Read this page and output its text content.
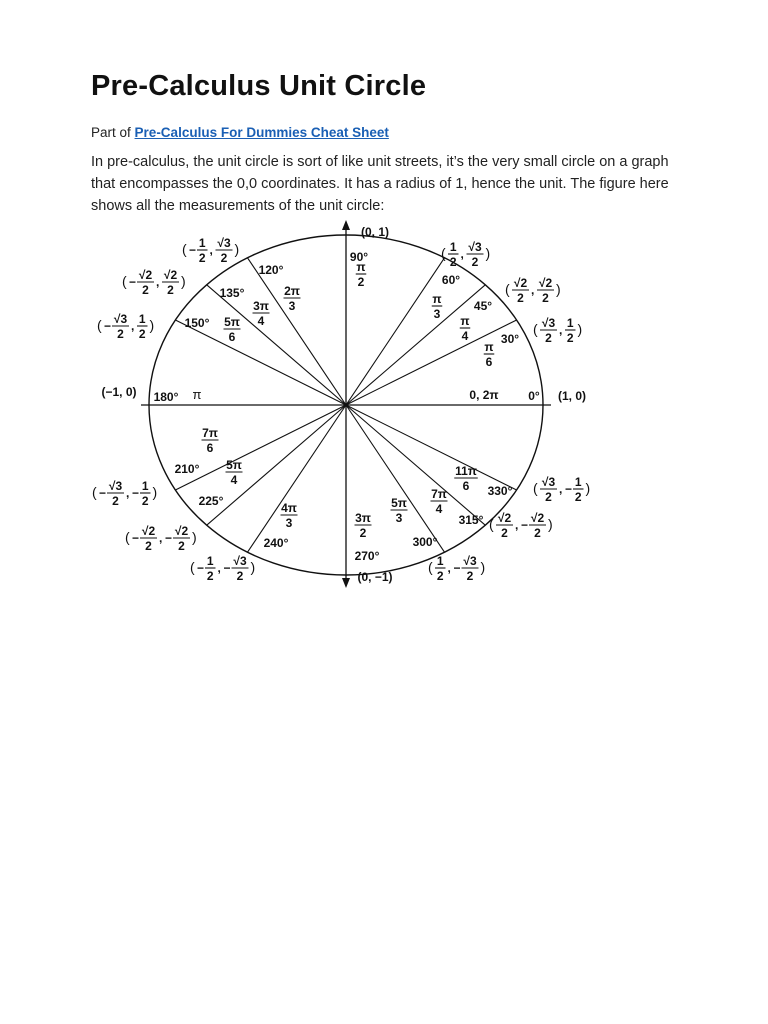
Pre-Calculus Unit Circle
Part of Pre-Calculus For Dummies Cheat Sheet

In pre-calculus, the unit circle is sort of like unit streets, it’s the very small circle on a graph that encompasses the 0,0 coordinates. It has a radius of 1, hence the unit. The figure here shows all the measurements of the unit circle:

30°
π
6
( √3
2
, 1
2
)
45°
π
4
( √2
2
, √2
2
)
60°
π
3
( 1
2
, √3
2
)
90°
π
2
120°
2π
3
( − 1
2
, √3
2
)
135°
3π
4
( − √2
2
, √2
2
)
150° 5π
6
( − √3
2
, 1
2
)
180°
210°
7π
6
( − √3
2
, − 1
2
)
225°
5π
4
( − √2
2
, − √2
2
)	240°
4π
3
( − 1
2
, − √3
2
)
270°
3π
2
300°
5π
3
( 1
2
, − √3
2
)
315°
7π
4
( √2
2
, − √2
2
)
330°
11π
6	( √3
2
, − 1
2
)
(0, 1)
(0, −1)
(−1, 0)	(1, 0)
0°
0, 2π
π
